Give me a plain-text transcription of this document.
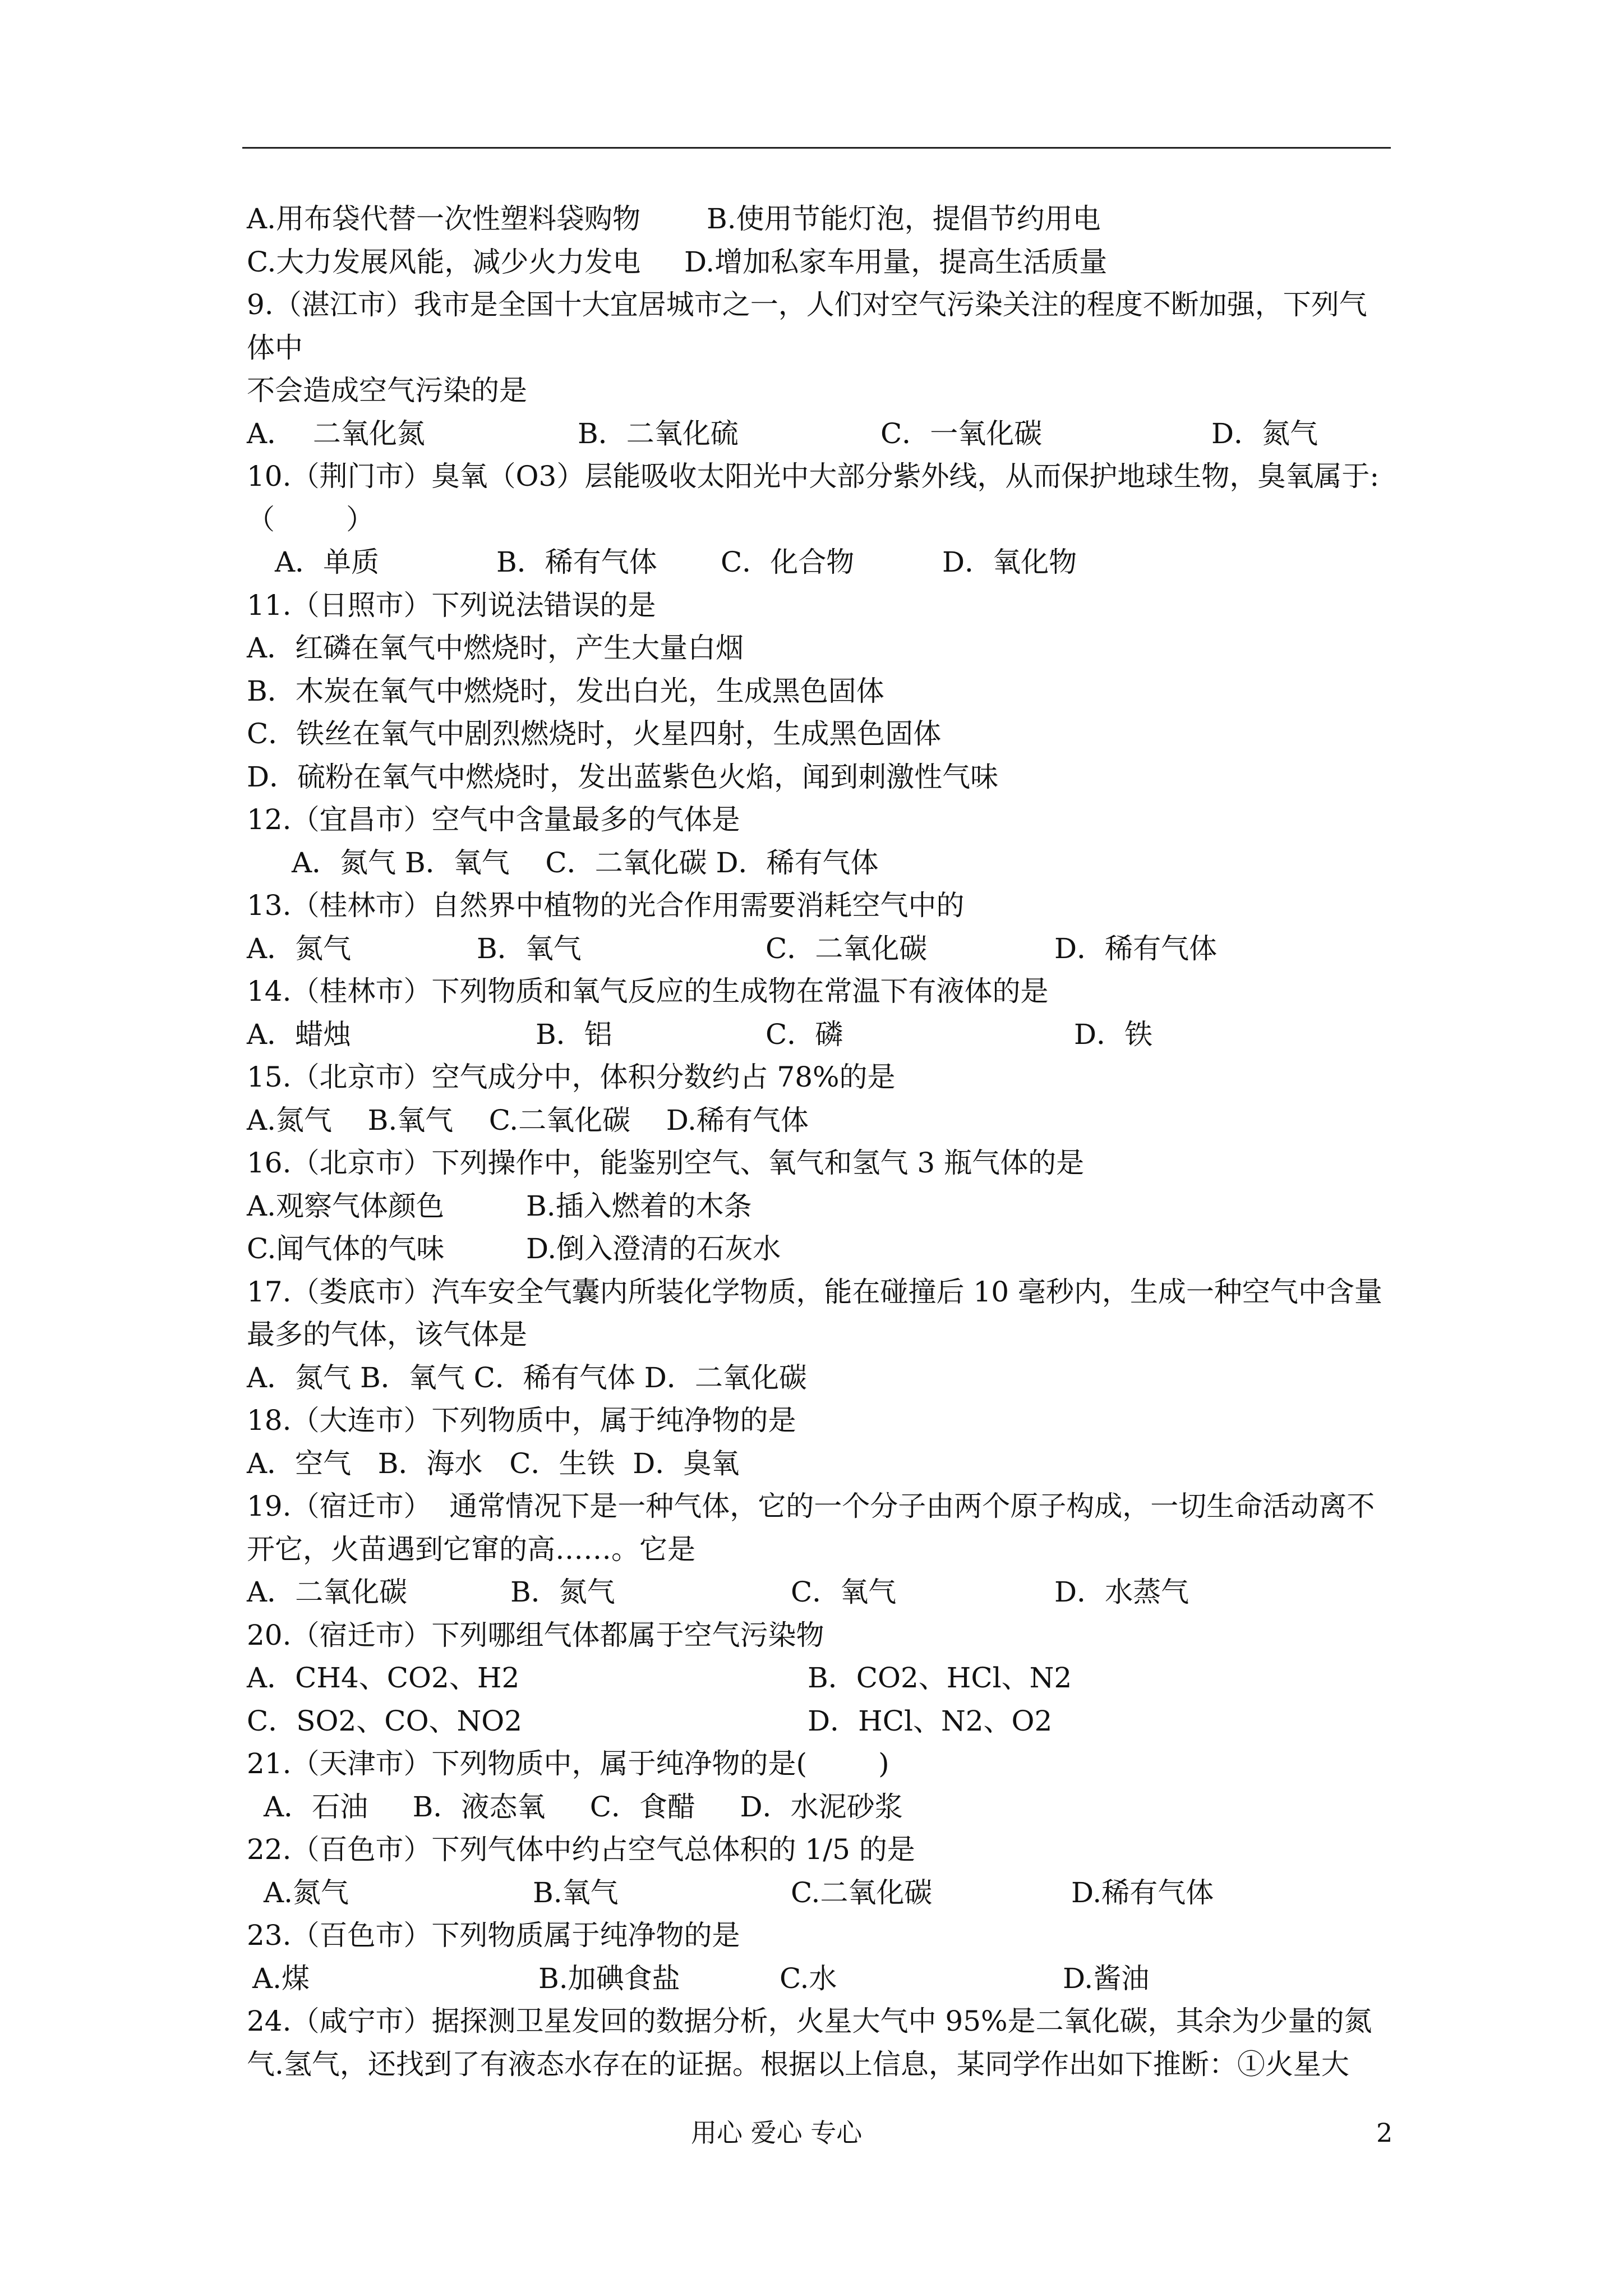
A.用布袋代替一次性塑料袋购物 B.使用节能灯泡，提倡节约用电
C.大力发展风能，减少火力发电 D.增加私家车用量，提高生活质量
9.（湛江市）我市是全国十大宜居城市之一，人们对空气污染关注的程度不断加强，下列气
体中
不会造成空气污染的是
A．  二氧化氮	B．二氧化硫	C．一氧化碳	D．氮气
10.（荆门市）臭氧（O3）层能吸收太阳光中大部分紫外线，从而保护地球生物，臭氧属于:
（        ）
A．单质	B．稀有气体 C．化合物	D．氧化物
11.（日照市）下列说法错误的是
A．红磷在氧气中燃烧时，产生大量白烟
B．木炭在氧气中燃烧时，发出白光，生成黑色固体
C．铁丝在氧气中剧烈燃烧时，火星四射，生成黑色固体
D．硫粉在氧气中燃烧时，发出蓝紫色火焰，闻到刺激性气味
12.（宜昌市）空气中含量最多的气体是
A．氮气 B．氧气    C．二氧化碳 D．稀有气体
13.（桂林市）自然界中植物的光合作用需要消耗空气中的
A．氮气	B．氧气	C．二氧化碳	D．稀有气体
14.（桂林市）下列物质和氧气反应的生成物在常温下有液体的是
A．蜡烛	B．铝	C．磷	D．铁
15.（北京市）空气成分中，体积分数约占 78%的是
A.氮气    B.氧气    C.二氧化碳    D.稀有气体
16.（北京市）下列操作中，能鉴别空气、氧气和氢气 3 瓶气体的是
A.观察气体颜色	B.插入燃着的木条
C.闻气体的气味	D.倒入澄清的石灰水
17.（娄底市）汽车安全气囊内所装化学物质，能在碰撞后 10 毫秒内，生成一种空气中含量
最多的气体，该气体是
A．氮气 B．氧气 C．稀有气体 D．二氧化碳
18.（大连市）下列物质中，属于纯净物的是
A．空气   B．海水   C．生铁  D．臭氧
19.（宿迁市）  通常情况下是一种气体，它的一个分子由两个原子构成，一切生命活动离不
开它，火苗遇到它窜的高……。它是
A．二氧化碳	B．氮气	C．氧气	D．水蒸气
20.（宿迁市）下列哪组气体都属于空气污染物
A．CH4、CO2、H2	B．CO2、HCl、N2
C．SO2、CO、NO2	D．HCl、N2、O2
21.（天津市）下列物质中，属于纯净物的是(        )
A．石油     B．液态氧     C．食醋     D．水泥砂浆
22.（百色市）下列气体中约占空气总体积的 1/5 的是
A.氮气	B.氧气	C.二氧化碳	D.稀有气体
23.（百色市）下列物质属于纯净物的是
A.煤	B.加碘食盐	C.水	D.酱油
24.（咸宁市）据探测卫星发回的数据分析，火星大气中 95%是二氧化碳，其余为少量的氮
气.氢气，还找到了有液态水存在的证据。根据以上信息，某同学作出如下推断：①火星大
用心 爱心 专心	2
